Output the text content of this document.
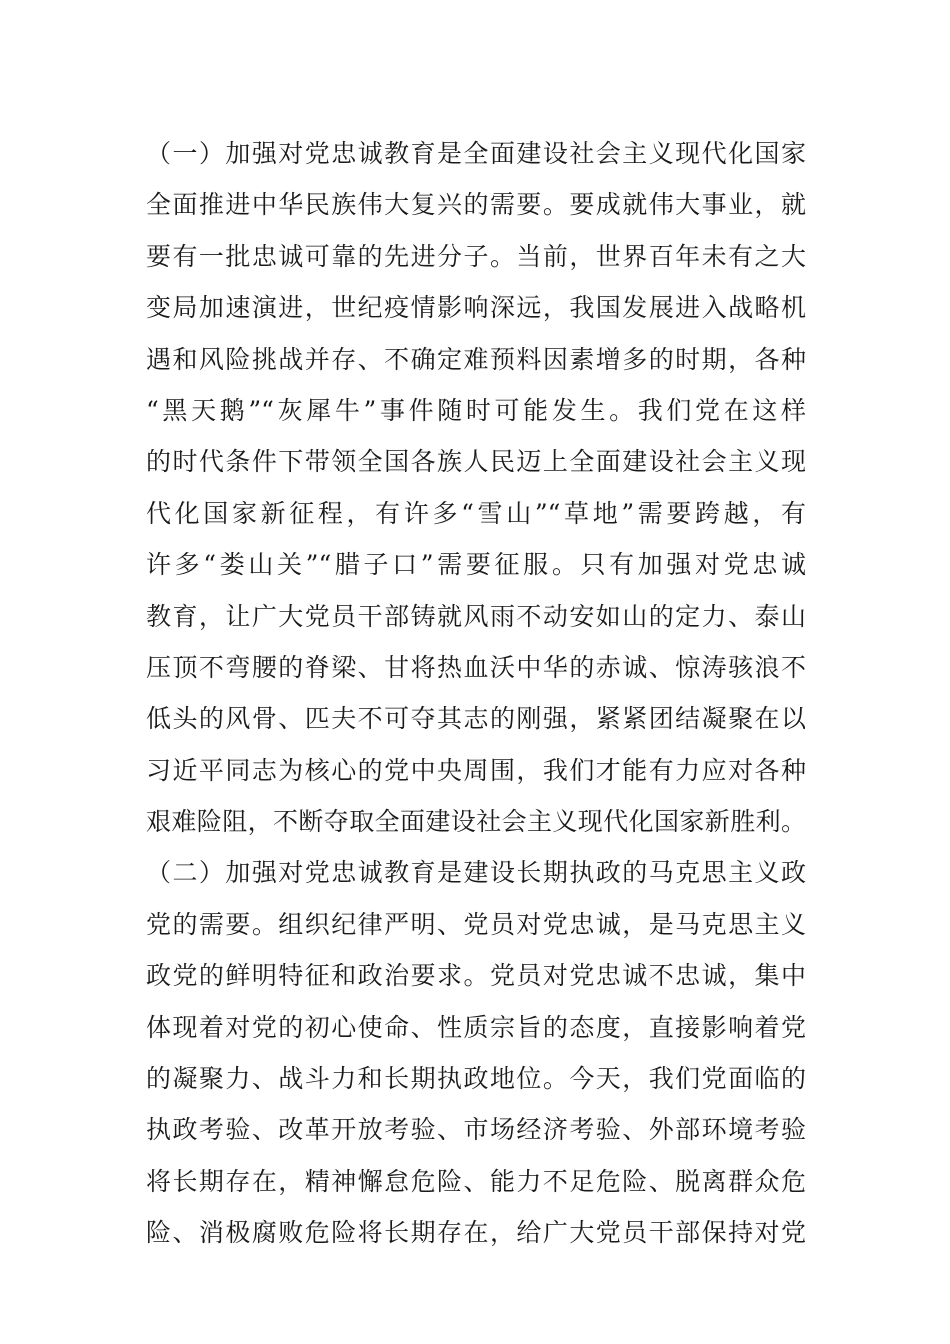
（一）加强对党忠诚教育是全面建设社会主义现代化国家
全面推进中华民族伟大复兴的需要。要成就伟大事业，就
要有一批忠诚可靠的先进分子。当前，世界百年未有之大
变局加速演进，世纪疫情影响深远，我国发展进入战略机
遇和风险挑战并存、不确定难预料因素增多的时期，各种
“黑天鹅”“灰犀牛”事件随时可能发生。我们党在这样
的时代条件下带领全国各族人民迈上全面建设社会主义现
代化国家新征程，有许多“雪山”“草地”需要跨越，有
许多“娄山关”“腊子口”需要征服。只有加强对党忠诚
教育，让广大党员干部铸就风雨不动安如山的定力、泰山
压顶不弯腰的脊梁、甘将热血沃中华的赤诚、惊涛骇浪不
低头的风骨、匹夫不可夺其志的刚强，紧紧团结凝聚在以
习近平同志为核心的党中央周围，我们才能有力应对各种
艰难险阻，不断夺取全面建设社会主义现代化国家新胜利。
（二）加强对党忠诚教育是建设长期执政的马克思主义政
党的需要。组织纪律严明、党员对党忠诚，是马克思主义
政党的鲜明特征和政治要求。党员对党忠诚不忠诚，集中
体现着对党的初心使命、性质宗旨的态度，直接影响着党
的凝聚力、战斗力和长期执政地位。今天，我们党面临的
执政考验、改革开放考验、市场经济考验、外部环境考验
将长期存在，精神懈怠危险、能力不足危险、脱离群众危
险、消极腐败危险将长期存在，给广大党员干部保持对党
